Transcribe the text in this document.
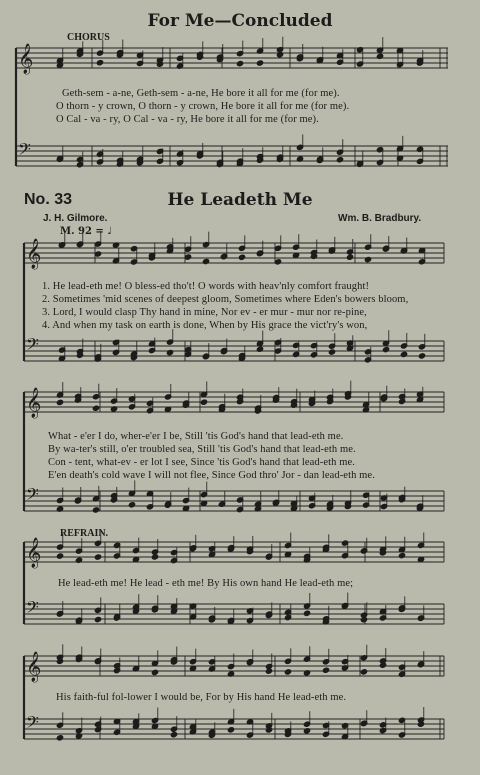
For Me—Concluded
CHORUS
𝄞
𝄢
𝄞
𝄢
𝄞
𝄢
𝄞
𝄢
𝄞
𝄢
Geth-sem - a-ne, Geth-sem - a-ne, He bore it all for me (for me).
O thorn - y crown, O thorn - y crown, He bore it all for me (for me).
O Cal - va - ry, O Cal - va - ry, He bore it all for me (for me).
No. 33	He Leadeth Me
J. H. Gilmore.	Wm. B. Bradbury.
M. 92 = ♩
1. He lead-eth me! O bless-ed tho't! O words with heav'nly comfort fraught!
2. Sometimes 'mid scenes of deepest gloom, Sometimes where Eden's bowers bloom,
3. Lord, I would clasp Thy hand in mine, Nor ev - er mur - mur nor re-pine,
4. And when my task on earth is done, When by His grace the vict'ry's won,
What - e'er I do, wher-e'er I be, Still 'tis God's hand that lead-eth me.
By wa-ter's still, o'er troubled sea, Still 'tis God's hand that lead-eth me.
Con - tent, what-ev - er lot I see, Since 'tis God's hand that lead-eth me.
E'en death's cold wave I will not flee, Since God thro' Jor - dan lead-eth me.
REFRAIN.
He lead-eth me! He lead - eth me! By His own hand He lead-eth me;
His faith-ful fol-lower I would be, For by His hand He lead-eth me.
